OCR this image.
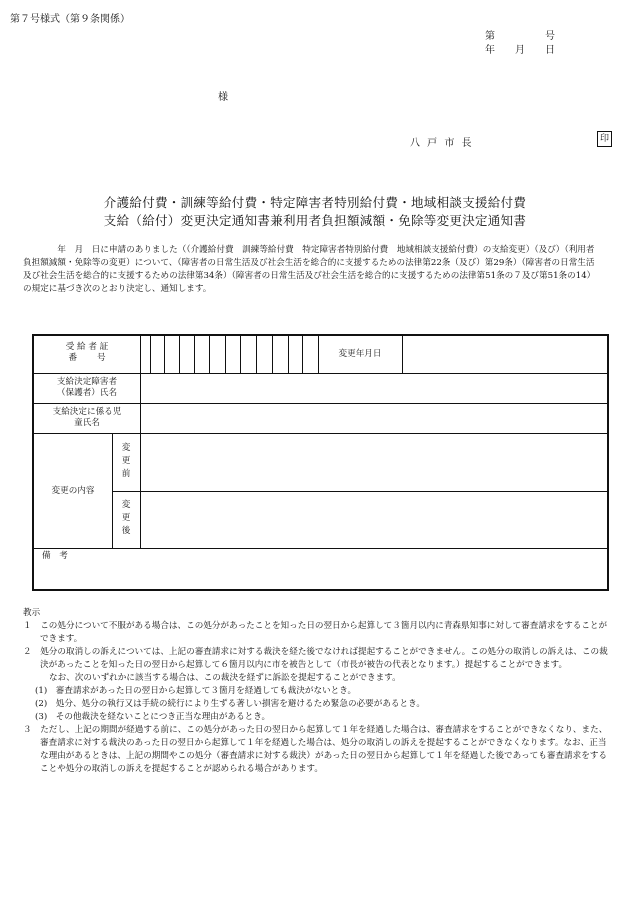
第７号様式（第９条関係）
第　　　　　号
年　　月　　日
様
八 戸 市 長	印
介護給付費・訓練等給付費・特定障害者特別給付費・地域相談支援給付費
支給（給付）変更決定通知書兼利用者負担額減額・免除等変更決定通知書
　　　　年　月　日に申請のありました（（介護給付費　訓練等給付費　特定障害者特別給付費　地域相談支援給付費）の支給変更）（及び）（利用者負担額減額・免除等の変更）について、（障害者の日常生活及び社会生活を総合的に支援するための法律第22条（及び）第29条）（障害者の日常生活及び社会生活を総合的に支援するための法律第34条）（障害者の日常生活及び社会生活を総合的に支援するための法律第51条の７及び第51条の14）の規定に基づき次のとおり決定し、通知します。
受 給 者 証
番　　 号	変更年月日
支給決定障害者
（保護者）氏名
支給決定に係る児
童氏名
変更の内容
変
更
前
変
更
後
備　考
教示
１　この処分について不服がある場合は、この処分があったことを知った日の翌日から起算して３箇月以内に青森県知事に対して審査請求をすることができます。
２　処分の取消しの訴えについては、上記の審査請求に対する裁決を経た後でなければ提起することができません。この処分の取消しの訴えは、この裁決があったことを知った日の翌日から起算して６箇月以内に市を被告として（市長が被告の代表となります。）提起することができます。
なお、次のいずれかに該当する場合は、この裁決を経ずに訴訟を提起することができます。
(1)　審査請求があった日の翌日から起算して３箇月を経過しても裁決がないとき。
(2)　処分、処分の執行又は手続の続行により生ずる著しい損害を避けるため緊急の必要があるとき。
(3)　その他裁決を経ないことにつき正当な理由があるとき。
３　ただし、上記の期間が経過する前に、この処分があった日の翌日から起算して１年を経過した場合は、審査請求をすることができなくなり、また、審査請求に対する裁決のあった日の翌日から起算して１年を経過した場合は、処分の取消しの訴えを提起することができなくなります。なお、正当な理由があるときは、上記の期間やこの処分（審査請求に対する裁決）があった日の翌日から起算して１年を経過した後であっても審査請求をすることや処分の取消しの訴えを提起することが認められる場合があります。
